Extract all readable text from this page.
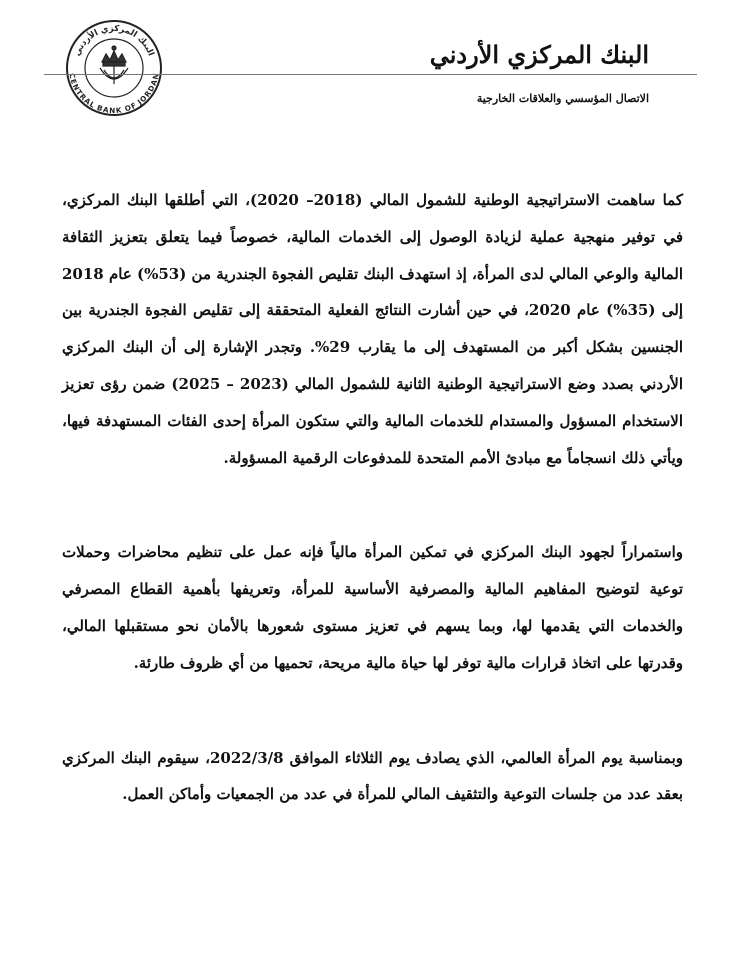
البنك المركزي الأردني
CENTRAL BANK OF JORDAN
البنك المركزي الأردني
الاتصال المؤسسي والعلاقات الخارجية

كما ساهمت الاستراتيجية الوطنية للشمول المالي (2018– 2020)، التي أطلقها البنك المركزي، في توفير منهجية عملية لزيادة الوصول إلى الخدمات المالية، خصوصاً فيما يتعلق بتعزيز الثقافة المالية والوعي المالي لدى المرأة، إذ استهدف البنك تقليص الفجوة الجندرية من (53%) عام 2018 إلى (35%) عام 2020، في حين أشارت النتائج الفعلية المتحققة إلى تقليص الفجوة الجندرية بين الجنسين بشكل أكبر من المستهدف إلى ما يقارب 29%. وتجدر الإشارة إلى أن البنك المركزي الأردني بصدد وضع الاستراتيجية الوطنية الثانية للشمول المالي (2023 – 2025) ضمن رؤى تعزيز الاستخدام المسؤول والمستدام للخدمات المالية والتي ستكون المرأة إحدى الفئات المستهدفة فيها، ويأتي ذلك انسجاماً مع مبادئ الأمم المتحدة للمدفوعات الرقمية المسؤولة.

واستمراراً لجهود البنك المركزي في تمكين المرأة مالياً فإنه عمل على تنظيم محاضرات وحملات توعية لتوضيح المفاهيم المالية والمصرفية الأساسية للمرأة، وتعريفها بأهمية القطاع المصرفي والخدمات التي يقدمها لها، وبما يسهم في تعزيز مستوى شعورها بالأمان نحو مستقبلها المالي، وقدرتها على اتخاذ قرارات مالية توفر لها حياة مالية مريحة، تحميها من أي ظروف طارئة.

وبمناسبة يوم المرأة العالمي، الذي يصادف يوم الثلاثاء الموافق 2022/3/8، سيقوم البنك المركزي بعقد عدد من جلسات التوعية والتثقيف المالي للمرأة في عدد من الجمعيات وأماكن العمل.
